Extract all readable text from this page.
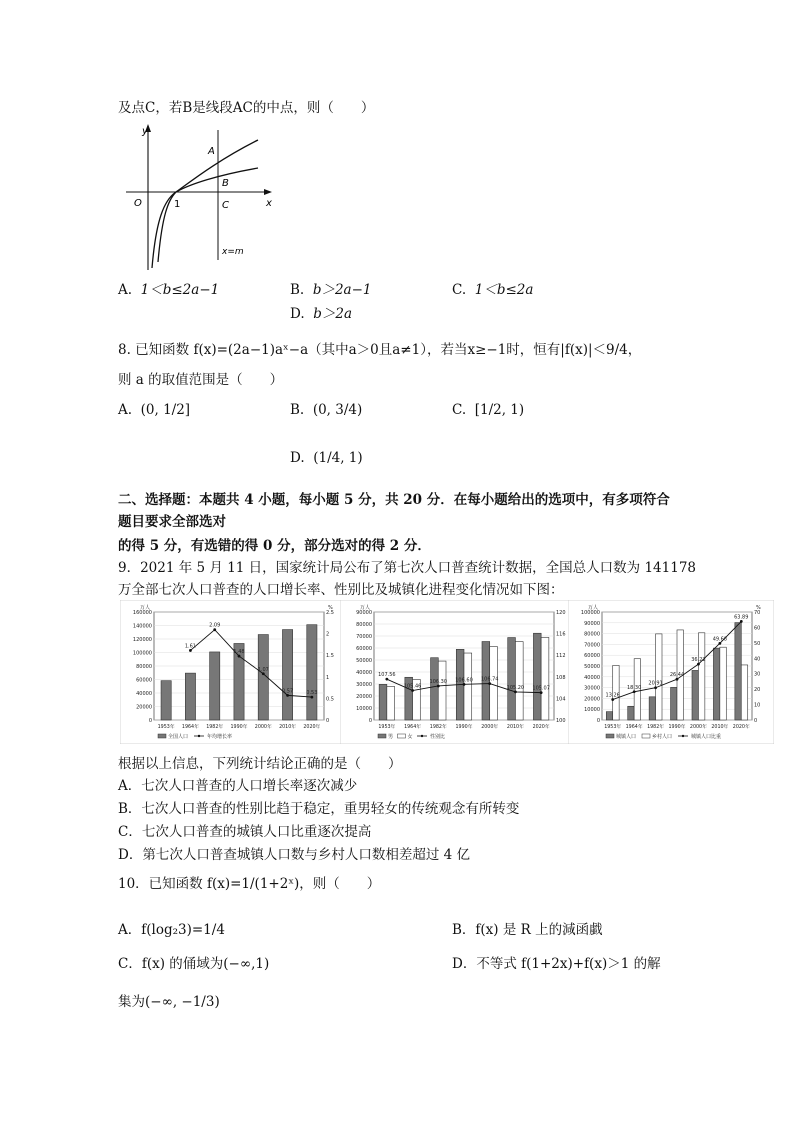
及点C，若B是线段AC的中点，则（　　）
y
x
O	1
A
B
C
x=m
A. 1＜b≤2a−1	B. b＞2a−1	C. 1＜b≤2a
D. b＞2a
8. 已知函数 f(x)=(2a−1)aˣ−a（其中a＞0且a≠1），若当x≥−1时，恒有|f(x)|＜9/4，
则 a 的取值范围是（　　）
A. (0, 1/2]	B. (0, 3/4)	C. [1/2, 1)
D. (1/4, 1)
二、选择题：本题共 4 小题，每小题 5 分，共 20 分．在每小题给出的选项中，有多项符合
题目要求全部选对
的得 5 分，有选错的得 0 分，部分选对的得 2 分．
9．2021 年 5 月 11 日，国家统计局公布了第七次人口普查统计数据，全国总人口数为 141178
万全部七次人口普查的人口增长率、性别比及城镇化进程变化情况如下图：
0
20000
40000
60000
80000
100000
120000
140000
160000
0
0.5
1
1.5
2
2.5
万人	%
1953年 1964年 1982年 1990年 2000年 2010年 2020年
1.61
2.09
1.48
1.07
0.57	0.53
全国人口	年均增长率
0
10000
20000
30000
40000
50000
60000
70000
80000
90000
100
104
108
112
116
120
万人
1953年 1964年 1982年 1990年 2000年 2010年 2020年
107.56
105.46
106.30 106.60 106.74
105.20 105.07
男	女	性别比
0
10000
20000
30000
40000
50000
60000
70000
80000
90000
100000
0
10
20
30
40
50
60
70
万人	%
1953年 1964年 1982年 1990年 2000年 2010年 2020年
13.26
18.30
20.91
26.44
36.22
49.68
63.89
城镇人口	乡村人口	城镇人口比重
根据以上信息，下列统计结论正确的是（　　）
A．七次人口普查的人口增长率逐次减少
B．七次人口普查的性别比趋于稳定，重男轻女的传统观念有所转变
C．七次人口普查的城镇人口比重逐次提高
D．第七次人口普查城镇人口数与乡村人口数相差超过 4 亿
10．已知函数 f(x)=1/(1+2ˣ)，则（　　）
A．f(log₂3)=1/4	B．f(x) 是 R 上的減函戱
C．f(x) 的俑域为(−∞,1)	D．不等式 f(1+2x)+f(x)＞1 的解
集为(−∞, −1/3)
